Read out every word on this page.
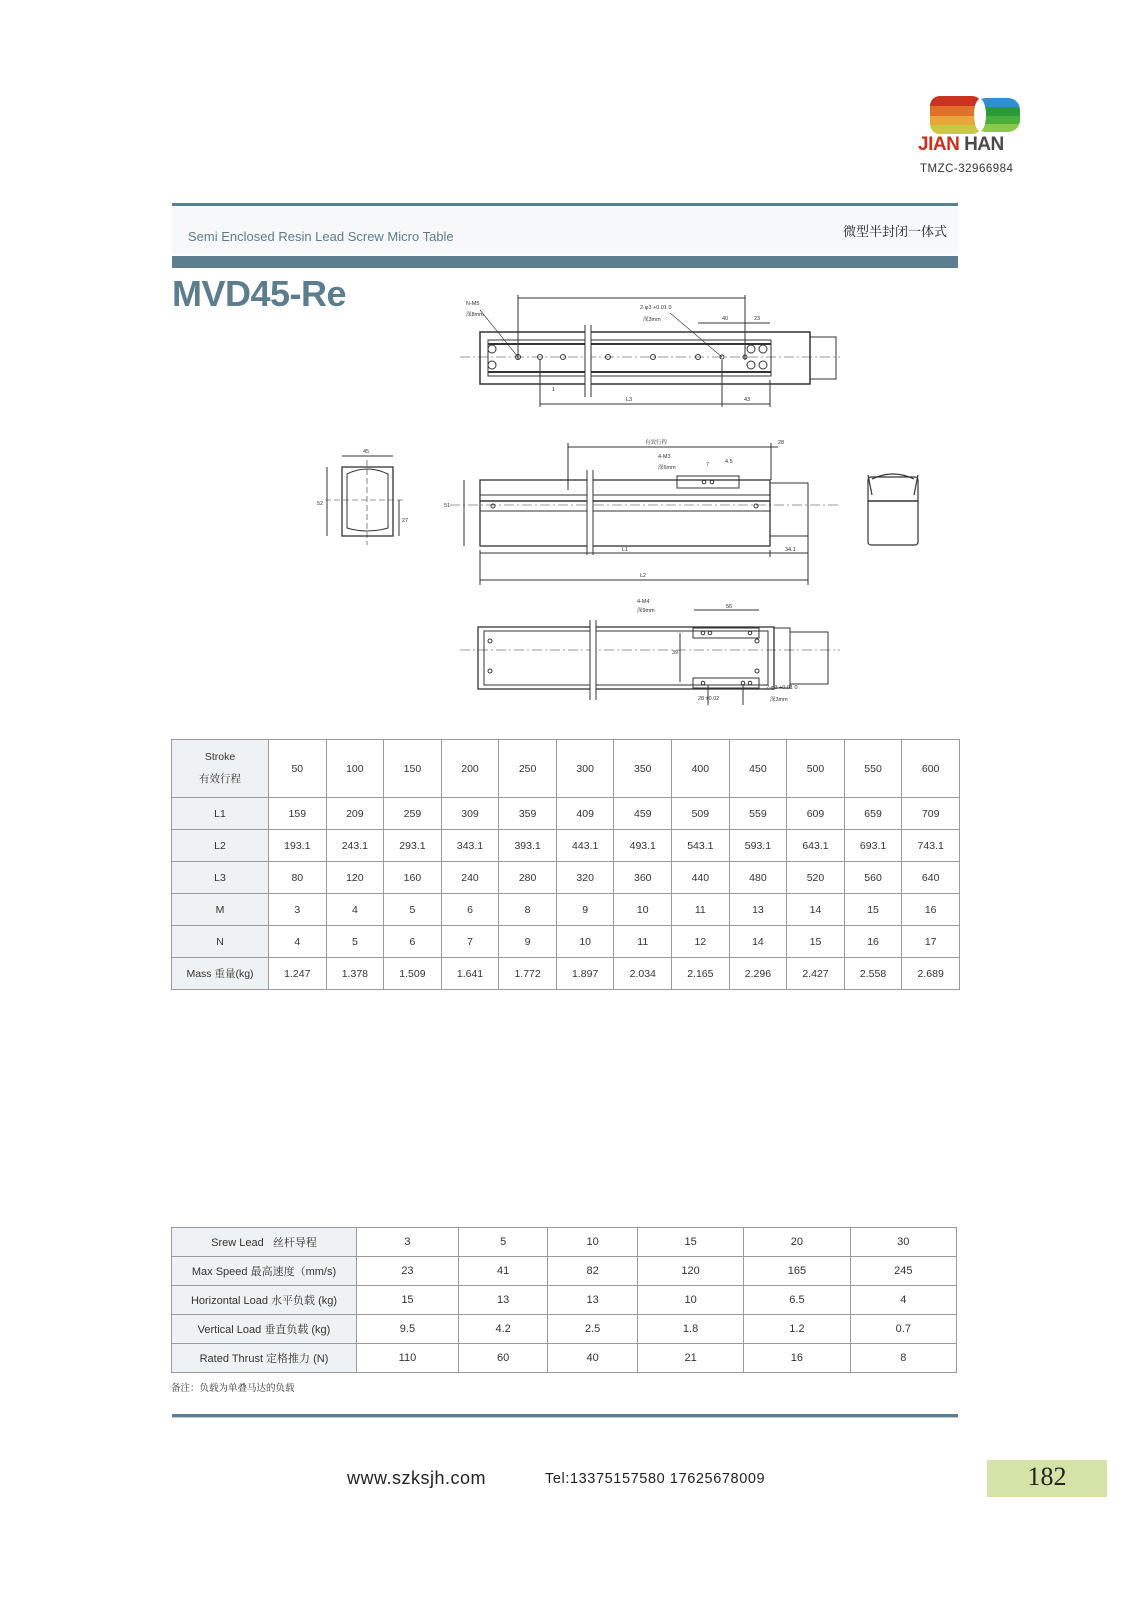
JIAN HAN
TMZC-32966984
Semi Enclosed Resin Lead Screw Micro Table	微型半封闭一体式
MVD45-Re	N-M5
深8mm
2-φ3 +0.01 0
深3mm	40	23
1
L3	43
45
52
27
有效行程	28
4-M3
深6mm	7	4.5
51
L1	34.1
L2
4-M4
深9mm
56
39
2-φ3 +0.01 0
28 ±0.02	深3mm
Stroke
有效行程	50	100	150	200	250	300	350	400	450	500	550	600
L1	159	209	259	309	359	409	459	509	559	609	659	709
L2	193.1	243.1	293.1	343.1	393.1	443.1	493.1	543.1	593.1	643.1	693.1	743.1
L3	80	120	160	240	280	320	360	440	480	520	560	640
M	3	4	5	6	8	9	10	11	13	14	15	16
N	4	5	6	7	9	10	11	12	14	15	16	17
Mass 重量(kg)	1.247	1.378	1.509	1.641	1.772	1.897	2.034	2.165	2.296	2.427	2.558	2.689
Srew Lead   丝杆导程	3	5	10	15	20	30
Max Speed 最高速度（mm/s)	23	41	82	120	165	245
Horizontal Load 水平负载 (kg)	15	13	13	10	6.5	4
Vertical Load 垂直负载 (kg)	9.5	4.2	2.5	1.8	1.2	0.7
Rated Thrust 定格推力 (N)	110	60	40	21	16	8
备注：负载为单叠马达的负载
www.szksjh.com	Tel:13375157580 17625678009	182
